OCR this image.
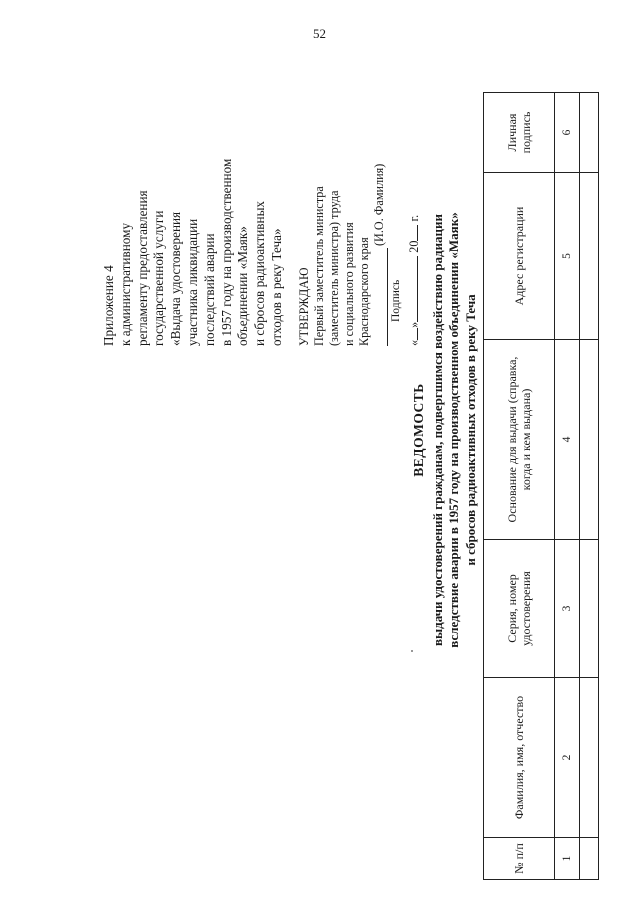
52
Приложение 4 к административному регламенту предоставления государственной услуги «Выдача удостоверения участника ликвидации последствий аварии в 1957 году на производственном объединении «Маяк» и сбросов радиоактивных отходов в реку Теча» УТВЕРЖДАЮ Первый заместитель министра (заместитель министра) труда и социального развития Краснодарского края
(И.О. Фамилия)
Подпись
«» 20 г.
ВЕДОМОСТЬ выдачи удостоверений гражданам, подвергшимся воздействию радиации вследствие аварии в 1957 году на производственном объединении «Маяк» и сбросов радиоактивных отходов в реку Теча
№ п/п	Фамилия, имя, отчество	Серия, номер удостоверения	Основание для выдачи (справка, когда и кем выдана)	Адрес регистрации	Личная подпись
1	2	3	4	5	6
